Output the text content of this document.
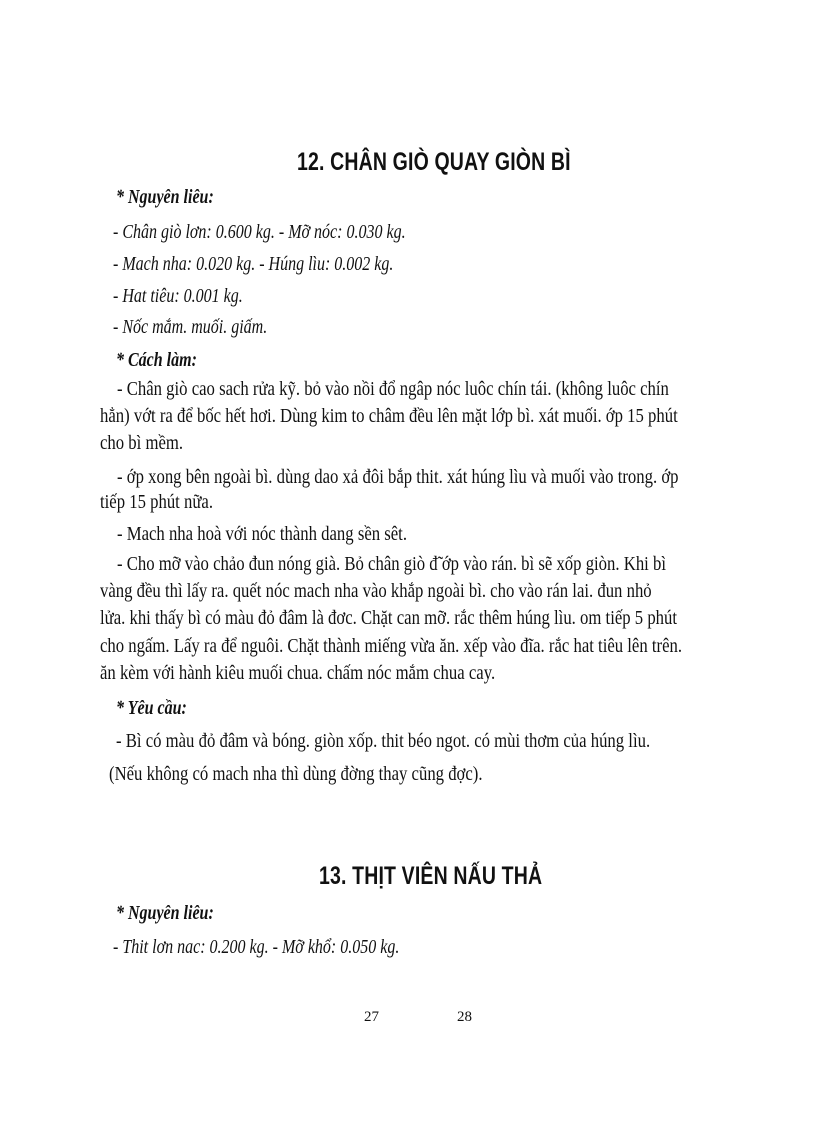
12. CHÂN GIÒ QUAY GIÒN BÌ
* Nguyên liêu:
- Chân giò lơn: 0.600 kg. - Mỡ nóc: 0.030 kg.
- Mach nha: 0.020 kg. - Húng lìu: 0.002 kg.
- Hat tiêu: 0.001 kg.
- Nốc mắm. muối. giấm.
* Cách làm:
- Chân giò cao sach rửa kỹ. bỏ vào nồi đổ ngâp nóc luôc chín tái. (không luôc chín
hẳn) vớt ra để bốc hết hơi. Dùng kim to châm đều lên mặt lớp bì. xát muối. ớp 15 phút
cho bì mềm.
- ớp xong bên ngoài bì. dùng dao xả đôi bắp thit. xát húng lìu và muối vào trong. ớp
tiếp 15 phút nữa.
- Mach nha hoà với nóc thành dang sền sêt.
- Cho mỡ vào chảo đun nóng già. Bỏ chân giò đ̃ ớp vào rán. bì sẽ xốp giòn. Khi bì
vàng đều thì lấy ra. quết nóc mach nha vào khắp ngoài bì. cho vào rán lai. đun nhỏ
lửa. khi thấy bì có màu đỏ đâm là đơc. Chặt can mỡ. rắc thêm húng lìu. om tiếp 5 phút
cho ngấm. Lấy ra để nguôi. Chặt thành miếng vừa ăn. xếp vào đĩa. rắc hat tiêu lên trên.
ăn kèm với hành kiêu muối chua. chấm nóc mắm chua cay.
* Yêu cầu:
- Bì có màu đỏ đâm và bóng. giòn xốp. thit béo ngot. có mùi thơm của húng lìu.
(Nếu không có mach nha thì dùng đờng thay cũng đợc).
13. THỊT VIÊN NẤU THẢ
* Nguyên liêu:
- Thit lơn nac: 0.200 kg. - Mỡ khổ: 0.050 kg.
27	28
